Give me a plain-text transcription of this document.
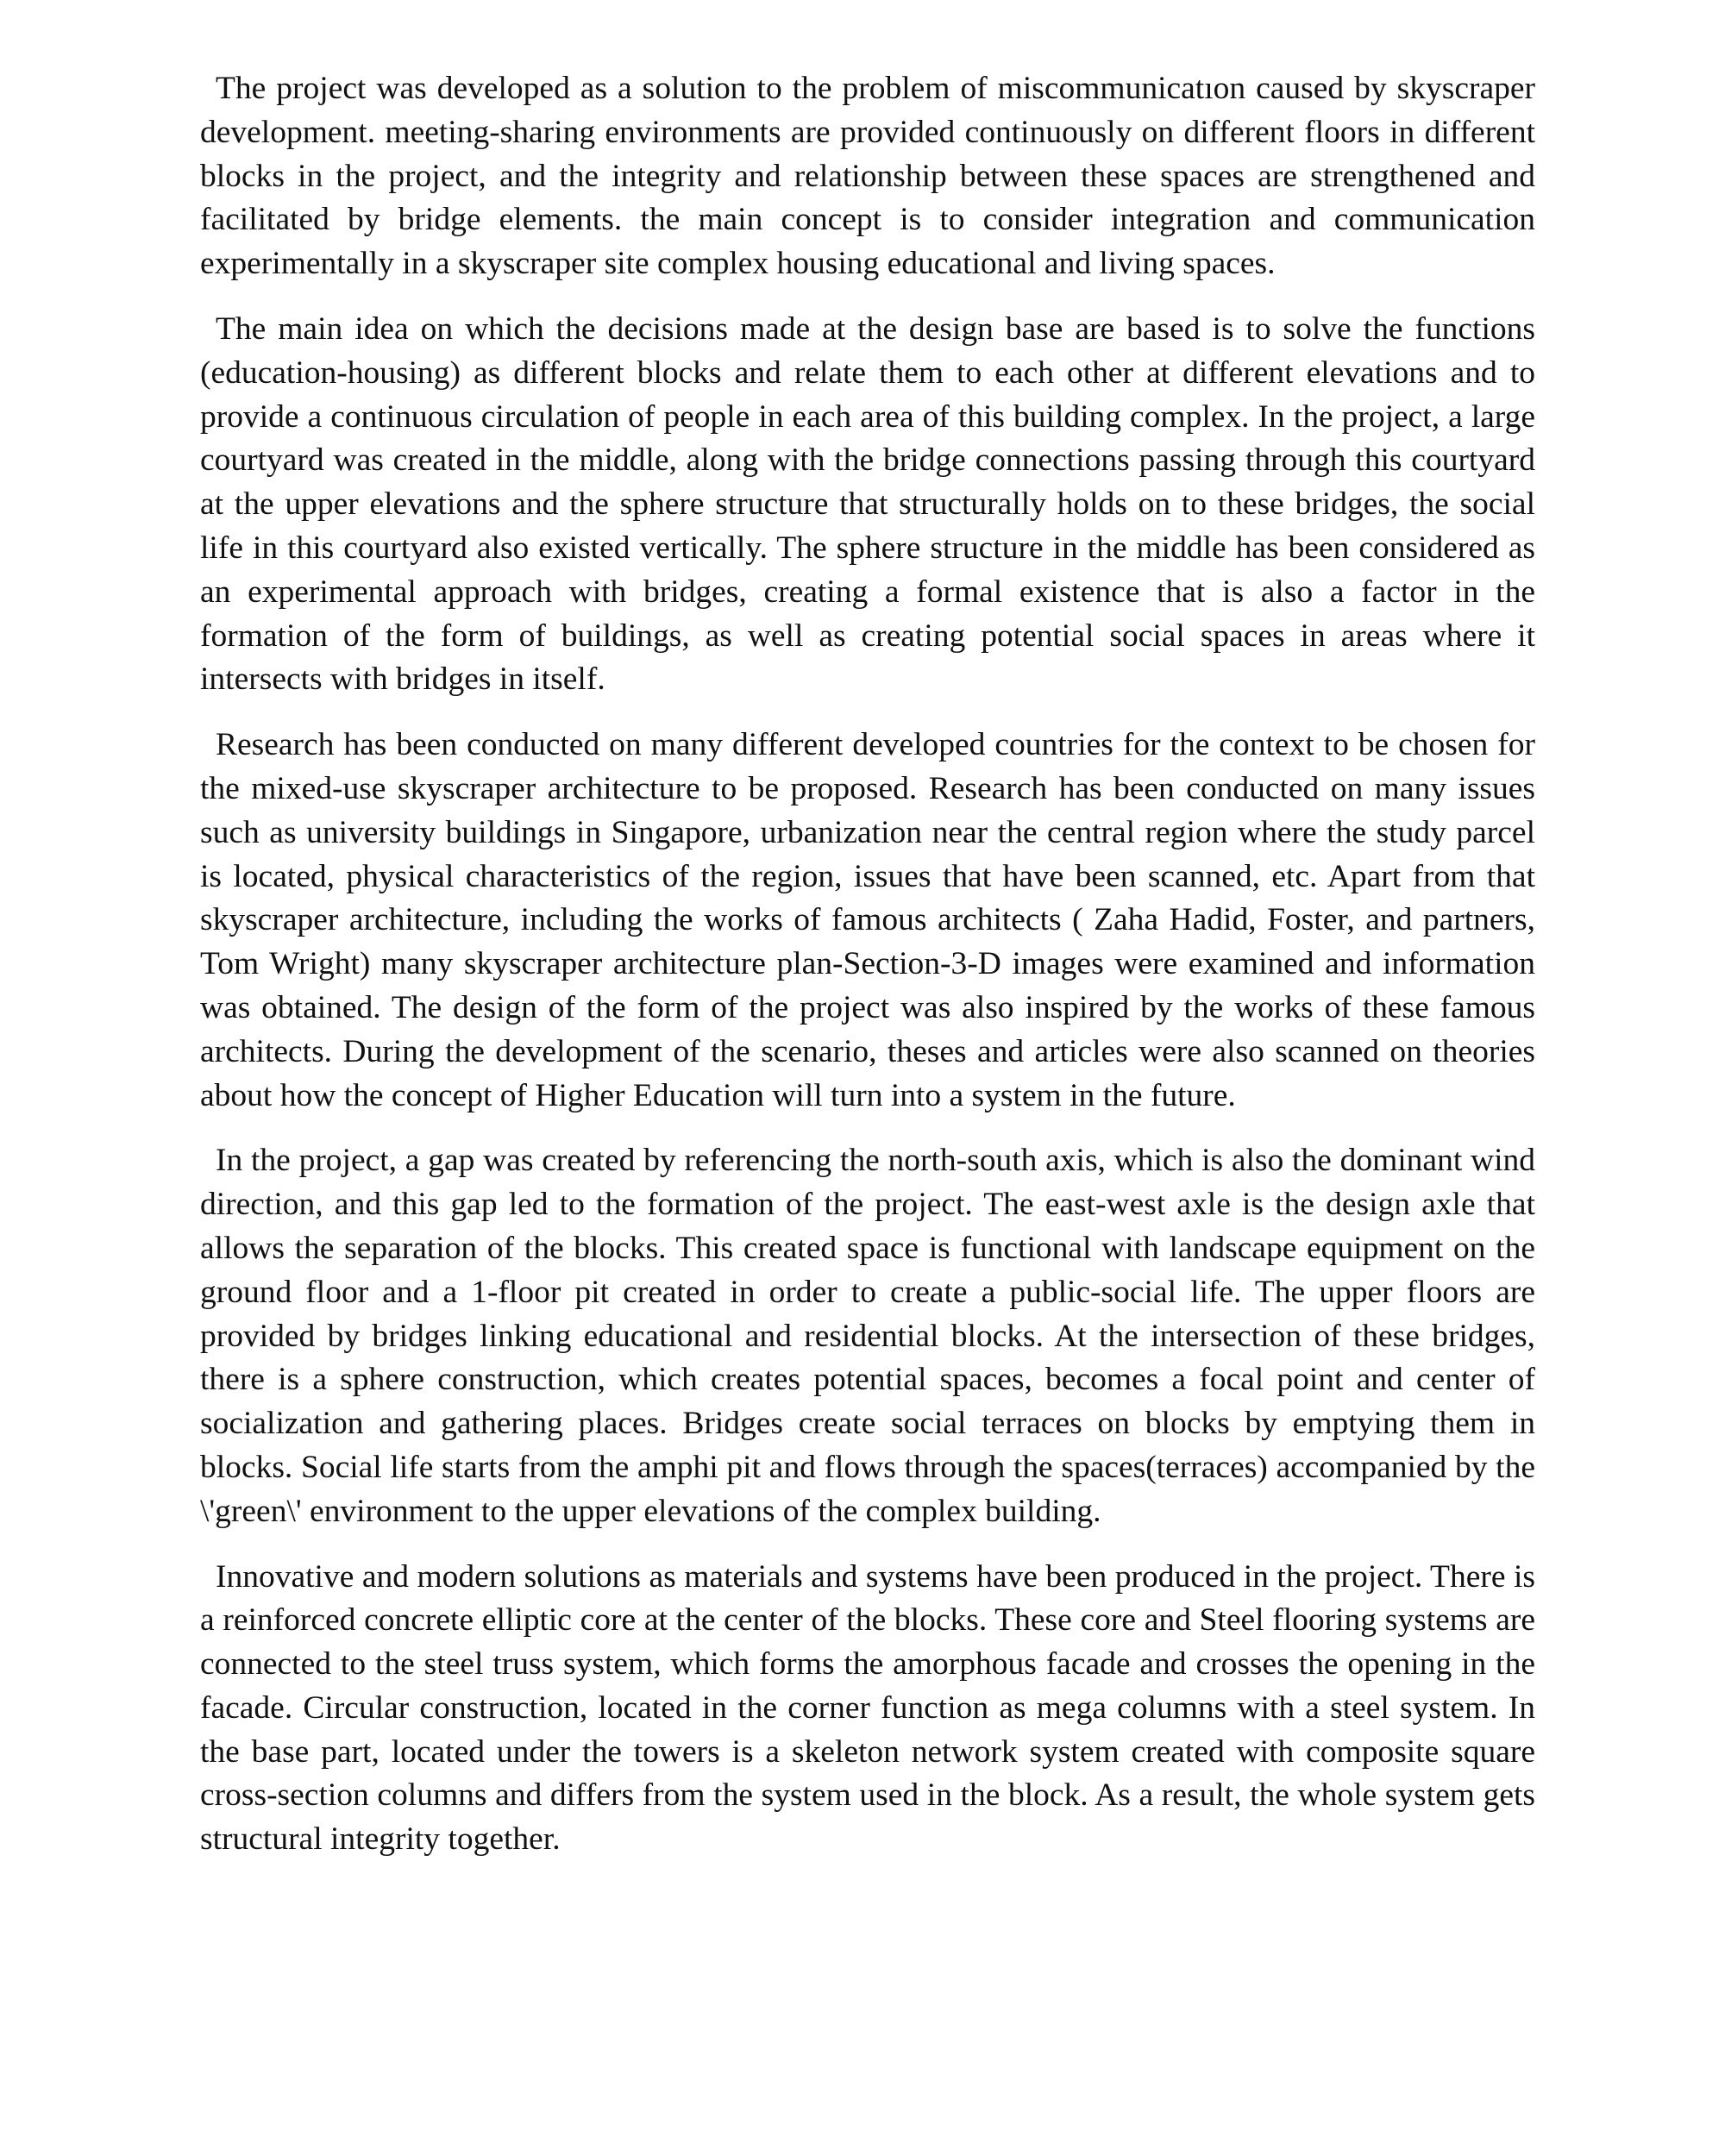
The project was developed as a solution to the problem of miscommunicatıon caused by skyscraper development. meeting-sharing environments are provided continuously on different floors in different blocks in the project, and the integrity and relationship between these spaces are strengthened and facilitated by bridge elements. the main concept is to consider integration and communication experimentally in a skyscraper site complex housing educational and living spaces.

The main idea on which the decisions made at the design base are based is to solve the functions (education-housing) as different blocks and relate them to each other at different elevations and to provide a continuous circulation of people in each area of this building complex. In the project, a large courtyard was created in the middle, along with the bridge connections passing through this courtyard at the upper elevations and the sphere structure that structurally holds on to these bridges, the social life in this courtyard also existed vertically. The sphere structure in the middle has been considered as an experimental approach with bridges, creating a formal existence that is also a factor in the formation of the form of buildings, as well as creating potential social spaces in areas where it intersects with bridges in itself.

Research has been conducted on many different developed countries for the context to be chosen for the mixed-use skyscraper architecture to be proposed. Research has been conducted on many issues such as university buildings in Singapore, urbanization near the central region where the study parcel is located, physical characteristics of the region, issues that have been scanned, etc. Apart from that skyscraper architecture, including the works of famous architects ( Zaha Hadid, Foster, and partners, Tom Wright) many skyscraper architecture plan-Section-3-D images were examined and information was obtained. The design of the form of the project was also inspired by the works of these famous architects. During the development of the scenario, theses and articles were also scanned on theories about how the concept of Higher Education will turn into a system in the future.

In the project, a gap was created by referencing the north-south axis, which is also the dominant wind direction, and this gap led to the formation of the project. The east-west axle is the design axle that allows the separation of the blocks. This created space is functional with landscape equipment on the ground floor and a 1-floor pit created in order to create a public-social life. The upper floors are provided by bridges linking educational and residential blocks. At the intersection of these bridges, there is a sphere construction, which creates potential spaces, becomes a focal point and center of socialization and gathering places. Bridges create social terraces on blocks by emptying them in blocks. Social life starts from the amphi pit and flows through the spaces(terraces) accompanied by the \'green\' environment to the upper elevations of the complex building.

Innovative and modern solutions as materials and systems have been produced in the project. There is a reinforced concrete elliptic core at the center of the blocks. These core and Steel flooring systems are connected to the steel truss system, which forms the amorphous facade and crosses the opening in the facade. Circular construction, located in the corner function as mega columns with a steel system. In the base part, located under the towers is a skeleton network system created with composite square cross-section columns and differs from the system used in the block. As a result, the whole system gets structural integrity together.
